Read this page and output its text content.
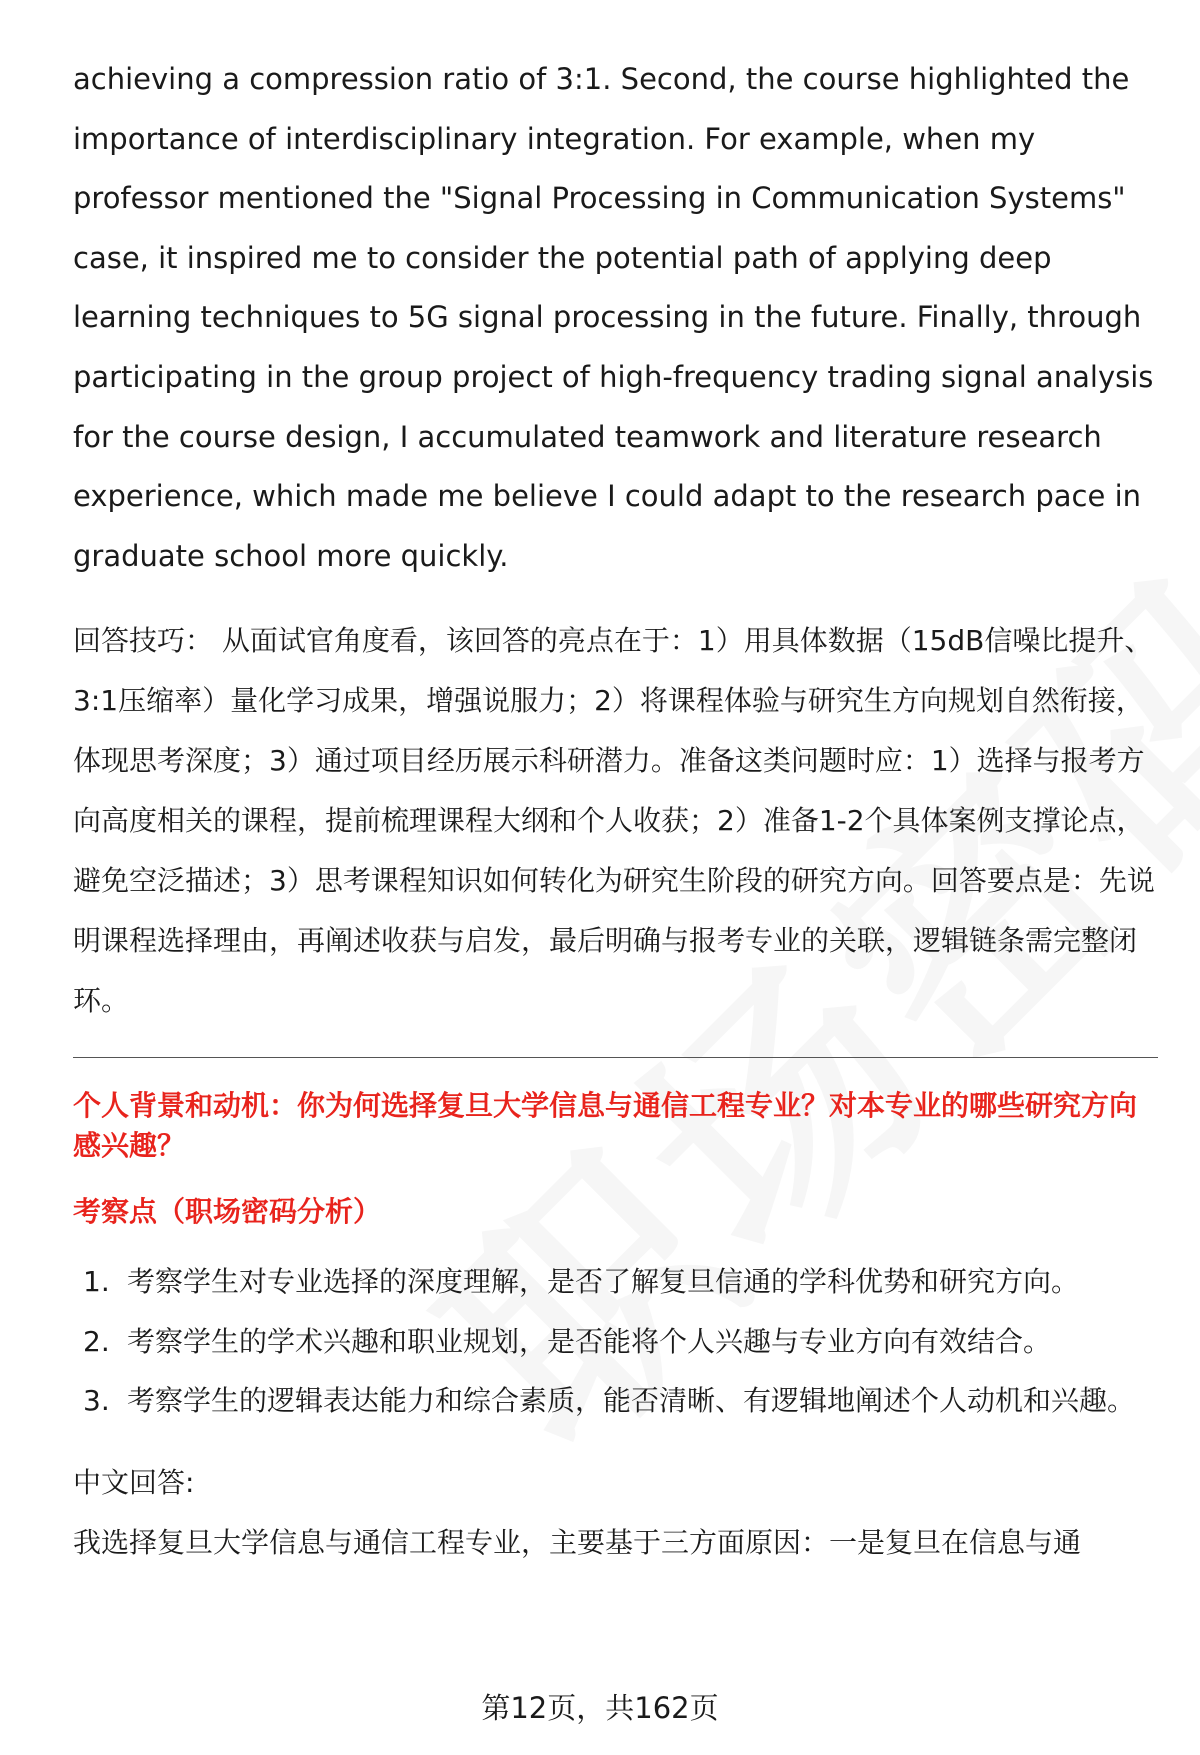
achieving a compression ratio of 3:1. Second, the course highlighted the importance of interdisciplinary integration. For example, when my professor mentioned the "Signal Processing in Communication Systems" case, it inspired me to consider the potential path of applying deep learning techniques to 5G signal processing in the future. Finally, through participating in the group project of high-frequency trading signal analysis for the course design, I accumulated teamwork and literature research experience, which made me believe I could adapt to the research pace in graduate school more quickly.

回答技巧： 从面试官角度看，该回答的亮点在于：1）用具体数据（15dB信噪比提升、3:1压缩率）量化学习成果，增强说服力；2）将课程体验与研究生方向规划自然衔接，体现思考深度；3）通过项目经历展示科研潜力。准备这类问题时应：1）选择与报考方向高度相关的课程，提前梳理课程大纲和个人收获；2）准备1-2个具体案例支撑论点，避免空泛描述；3）思考课程知识如何转化为研究生阶段的研究方向。回答要点是：先说明课程选择理由，再阐述收获与启发，最后明确与报考专业的关联，逻辑链条需完整闭环。

个人背景和动机：你为何选择复旦大学信息与通信工程专业？对本专业的哪些研究方向感兴趣？

考察点（职场密码分析）

1. 考察学生对专业选择的深度理解，是否了解复旦信通的学科优势和研究方向。
2. 考察学生的学术兴趣和职业规划，是否能将个人兴趣与专业方向有效结合。
3. 考察学生的逻辑表达能力和综合素质，能否清晰、有逻辑地阐述个人动机和兴趣。

中文回答:

我选择复旦大学信息与通信工程专业，主要基于三方面原因：一是复旦在信息与通

第12页，共162页
